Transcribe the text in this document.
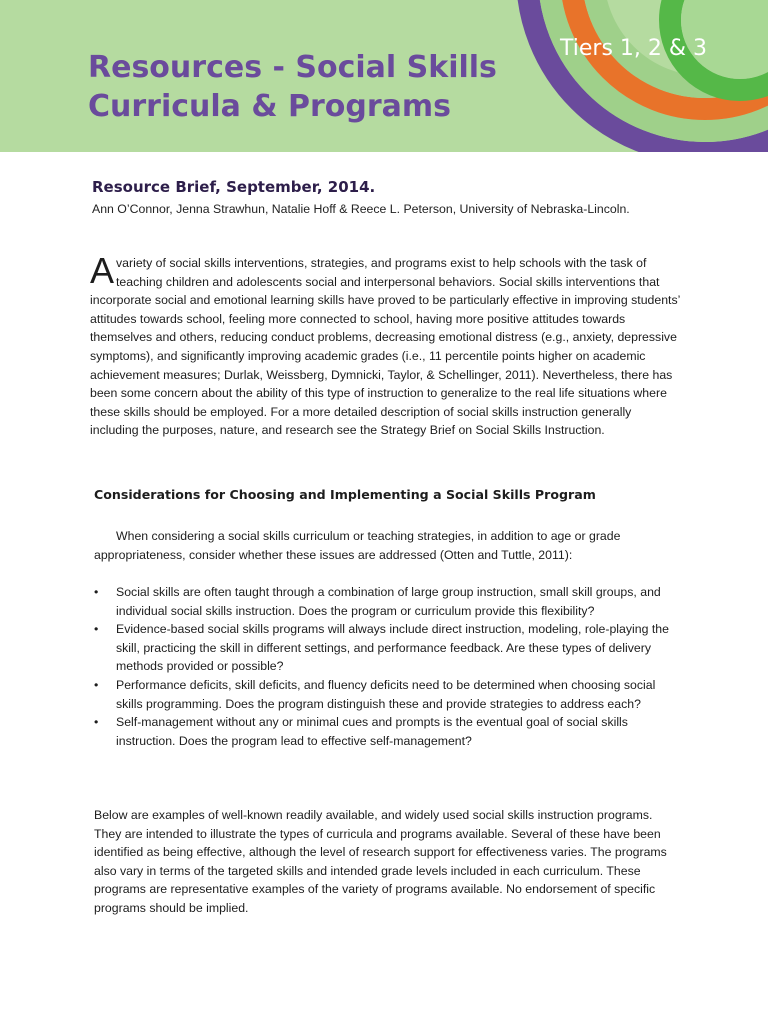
Resources - Social Skills
Curricula & Programs
Tiers 1, 2 & 3
Resource Brief, September, 2014.

Ann O’Connor, Jenna Strawhun, Natalie Hoff & Reece L. Peterson, University of Nebraska-Lincoln.

A variety of social skills interventions, strategies, and programs exist to help schools with the task of teaching children and adolescents social and interpersonal behaviors. Social skills interventions that incorporate social and emotional learning skills have proved to be particularly effective in improving students’ attitudes towards school, feeling more connected to school, having more positive attitudes towards themselves and others, reducing conduct problems, decreasing emotional distress (e.g., anxiety, depressive symptoms), and significantly improving academic grades (i.e., 11 percentile points higher on academic achievement measures; Durlak, Weissberg, Dymnicki, Taylor, & Schellinger, 2011). Nevertheless, there has been some concern about the ability of this type of instruction to generalize to the real life situations where these skills should be employed. For a more detailed description of social skills instruction generally including the purposes, nature, and research see the Strategy Brief on Social Skills Instruction.

Considerations for Choosing and Implementing a Social Skills Program

When considering a social skills curriculum or teaching strategies, in addition to age or grade appropriateness, consider whether these issues are addressed (Otten and Tuttle, 2011):

• Social skills are often taught through a combination of large group instruction, small skill groups, and individual social skills instruction. Does the program or curriculum provide this flexibility?
• Evidence-based social skills programs will always include direct instruction, modeling, role-playing the skill, practicing the skill in different settings, and performance feedback. Are these types of delivery methods provided or possible?
• Performance deficits, skill deficits, and fluency deficits need to be determined when choosing social skills programming. Does the program distinguish these and provide strategies to address each?
• Self-management without any or minimal cues and prompts is the eventual goal of social skills instruction. Does the program lead to effective self-management?

Below are examples of well-known readily available, and widely used social skills instruction programs. They are intended to illustrate the types of curricula and programs available. Several of these have been identified as being effective, although the level of research support for effectiveness varies. The programs also vary in terms of the targeted skills and intended grade levels included in each curriculum. These programs are representative examples of the variety of programs available. No endorsement of specific programs should be implied.
